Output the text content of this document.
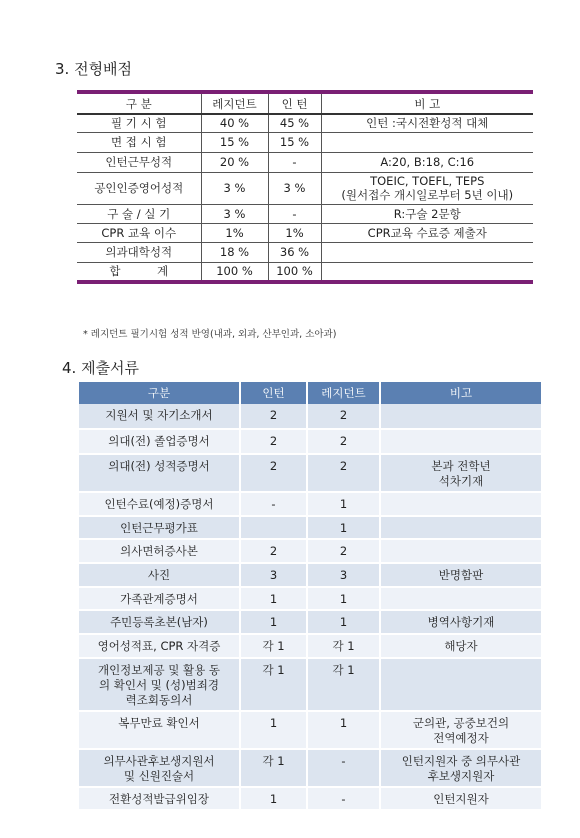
3. 전형배점
구 분	레지던트	인 턴	비 고
필 기 시 험	40 %	45 %	인턴 :국시전환성적 대체
면 접 시 험	15 %	15 %	
인턴근무성적	20 %	-	A:20, B:18, C:16
공인인증영어성적	3 %	3 %	TOEIC, TOEFL, TEPS
(원서접수 개시일로부터 5년 이내)
구 술 / 실 기	3 %	-	R:구술 2문항
CPR 교육 이수	1%	1%	CPR교육 수료증 제출자
의과대학성적	18 %	36 %	
합          계	100 %	100 %	
* 레지던트 필기시험 성적 반영(내과, 외과, 산부인과, 소아과)
4. 제출서류
구분	인턴	레지던트	비고
지원서 및 자기소개서	2	2	
의대(전) 졸업증명서	2	2	
의대(전) 성적증명서	2	2	본과 전학년
석차기재
인턴수료(예정)증명서	-	1	
인턴근무평가표		1	
의사면허증사본	2	2	
사진	3	3	반명함판
가족관계증명서	1	1	
주민등록초본(남자)	1	1	병역사항기재
영어성적표, CPR 자격증	각 1	각 1	해당자
개인정보제공 및 활용 동
의 확인서 및 (성)범죄경
력조회동의서	각 1	각 1	
복무만료 확인서	1	1	군의관, 공중보건의
전역예정자
의무사관후보생지원서
및 신원진술서	각 1	-	인턴지원자 중 의무사관
후보생지원자
전환성적발급위임장	1	-	인턴지원자
